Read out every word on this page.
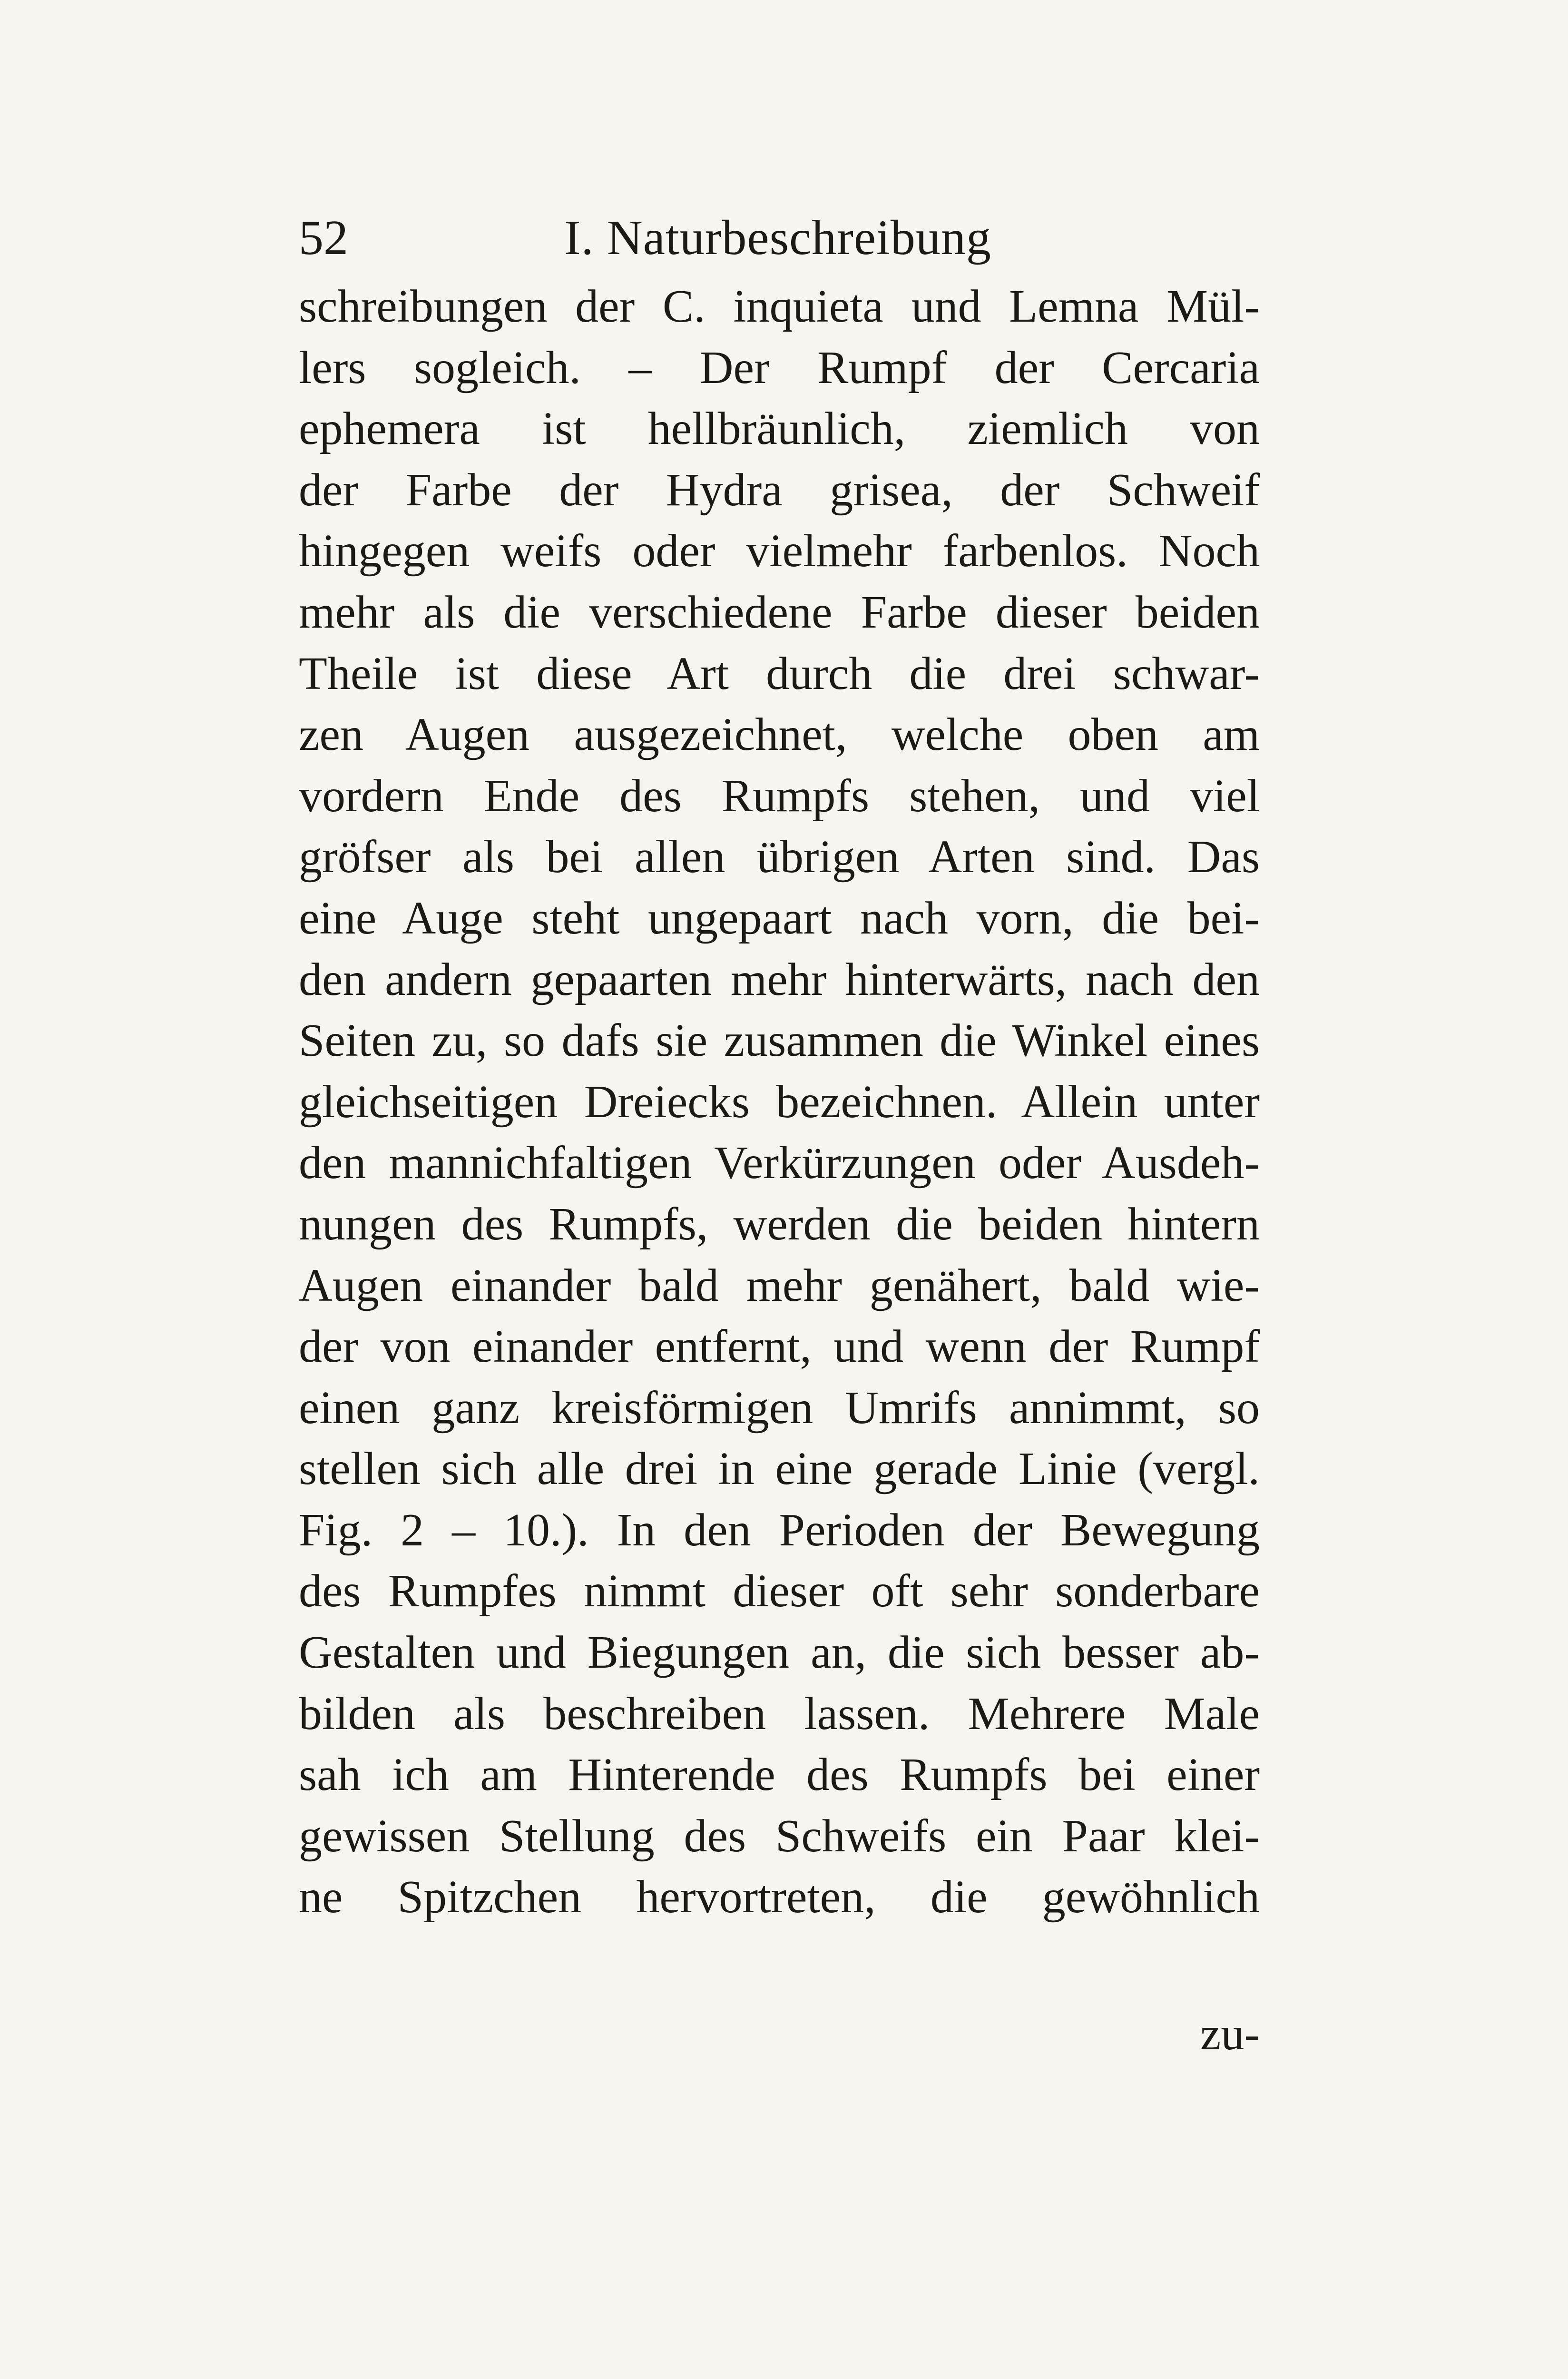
52	I. Naturbeschreibung
schreibungen der C. inquieta und Lemna Mül-
lers sogleich. – Der Rumpf der Cercaria
ephemera ist hellbräunlich, ziemlich von
der Farbe der Hydra grisea, der Schweif
hingegen weifs oder vielmehr farbenlos. Noch
mehr als die verschiedene Farbe dieser beiden
Theile ist diese Art durch die drei schwar-
zen Augen ausgezeichnet, welche oben am
vordern Ende des Rumpfs stehen, und viel
gröfser als bei allen übrigen Arten sind. Das
eine Auge steht ungepaart nach vorn, die bei-
den andern gepaarten mehr hinterwärts, nach den
Seiten zu, so dafs sie zusammen die Winkel eines
gleichseitigen Dreiecks bezeichnen. Allein unter
den mannichfaltigen Verkürzungen oder Ausdeh-
nungen des Rumpfs, werden die beiden hintern
Augen einander bald mehr genähert, bald wie-
der von einander entfernt, und wenn der Rumpf
einen ganz kreisförmigen Umrifs annimmt, so
stellen sich alle drei in eine gerade Linie (vergl.
Fig. 2 – 10.). In den Perioden der Bewegung
des Rumpfes nimmt dieser oft sehr sonderbare
Gestalten und Biegungen an, die sich besser ab-
bilden als beschreiben lassen. Mehrere Male
sah ich am Hinterende des Rumpfs bei einer
gewissen Stellung des Schweifs ein Paar klei-
ne Spitzchen hervortreten, die gewöhnlich
zu-
